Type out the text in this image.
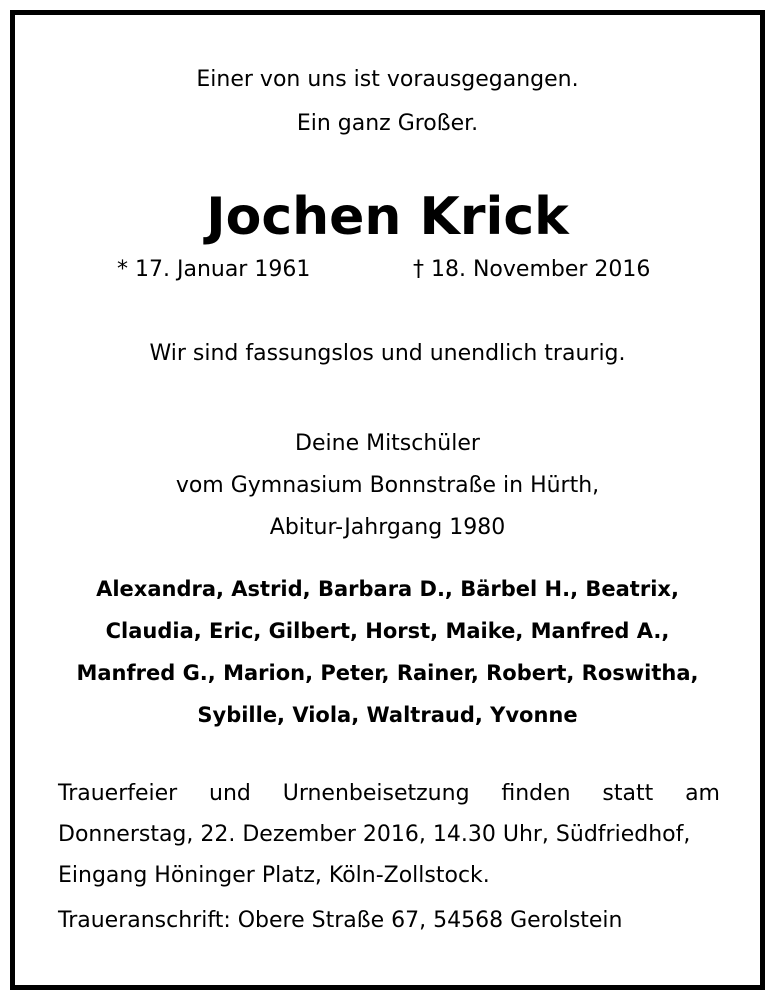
Einer von uns ist vorausgegangen.
Ein ganz Großer.
Jochen Krick
* 17. Januar 1961	† 18. November 2016
Wir sind fassungslos und unendlich traurig.
Deine Mitschüler
vom Gymnasium Bonnstraße in Hürth,
Abitur-Jahrgang 1980
Alexandra, Astrid, Barbara D., Bärbel H., Beatrix,
Claudia, Eric, Gilbert, Horst, Maike, Manfred A.,
Manfred G., Marion, Peter, Rainer, Robert, Roswitha,
Sybille, Viola, Waltraud, Yvonne
Trauerfeier und Urnenbeisetzung finden statt am
Donnerstag, 22. Dezember 2016, 14.30 Uhr, Südfriedhof,
Eingang Höninger Platz, Köln-Zollstock.
Traueranschrift: Obere Straße 67, 54568 Gerolstein
